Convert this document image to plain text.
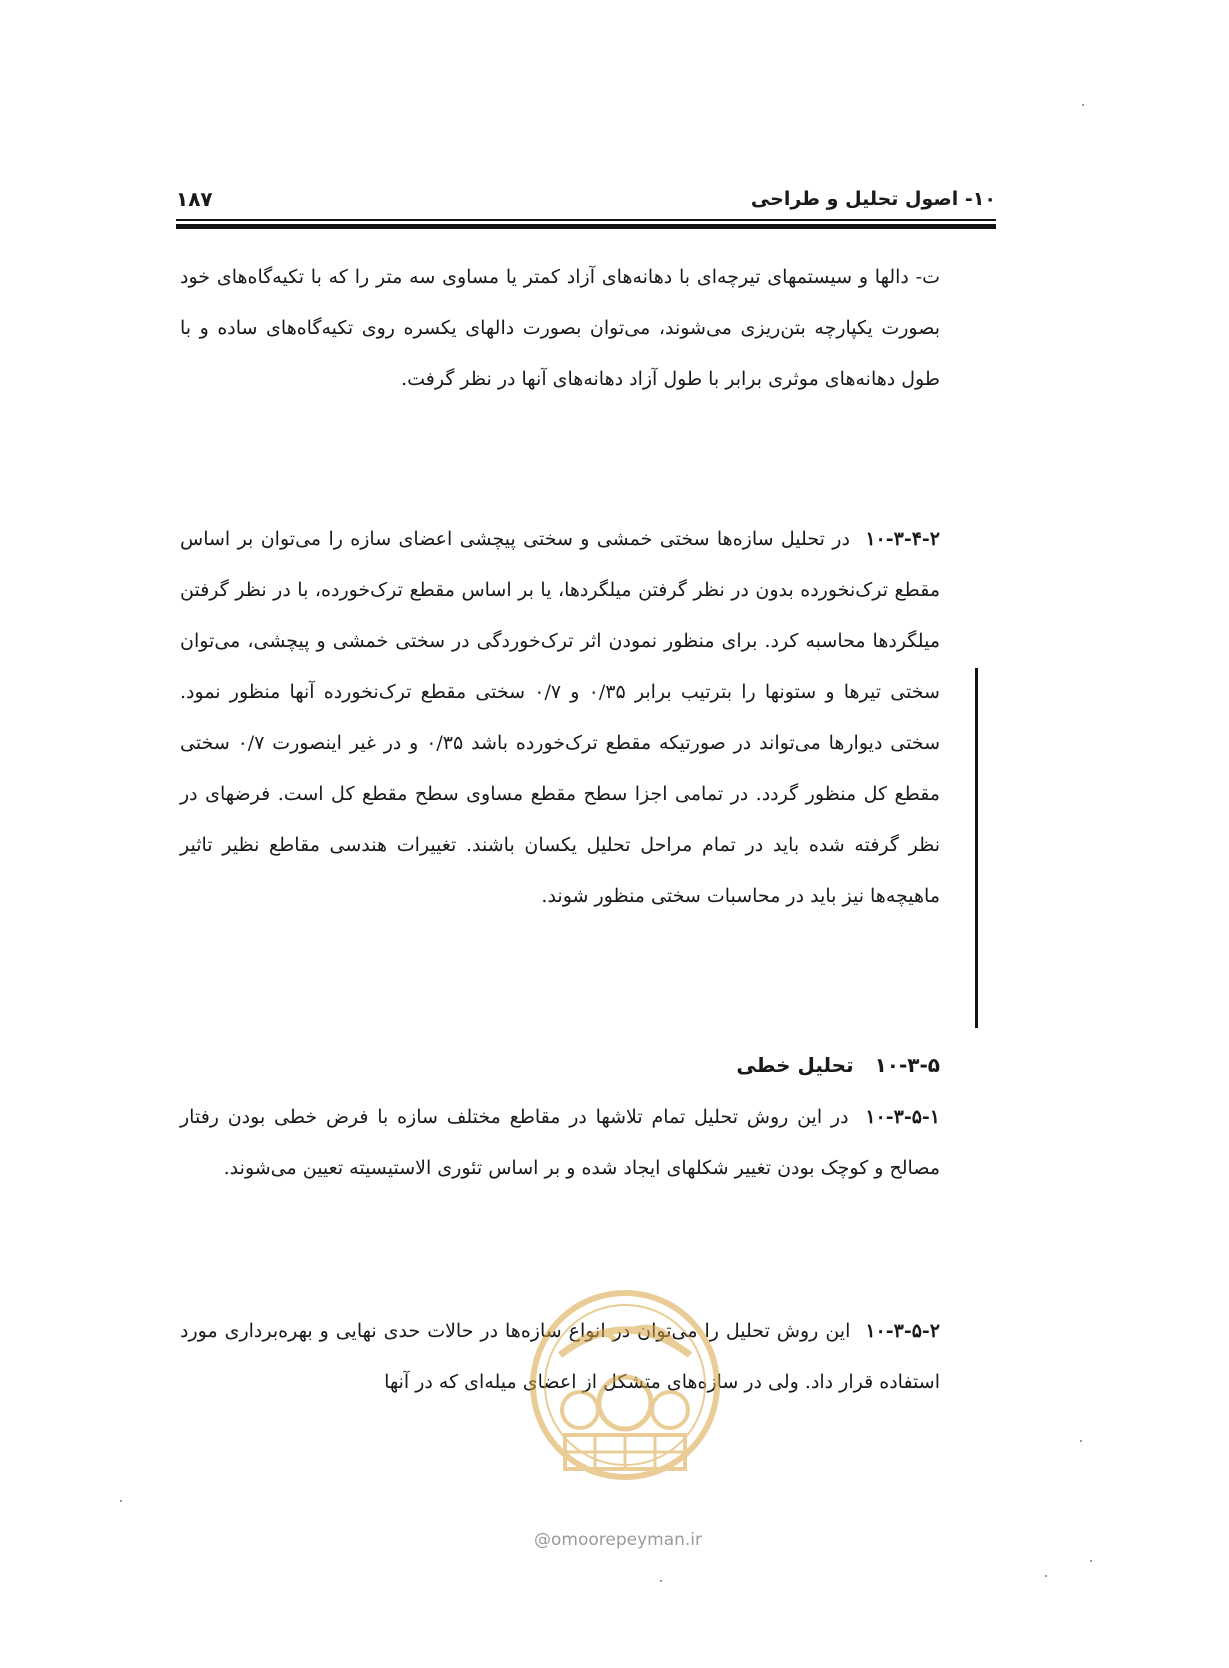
۱۰- اصول تحلیل و طراحی
۱۸۷
ت- دالها و سیستمهای تیرچه‌ای با دهانه‌های آزاد کمتر یا مساوی سه متر را که با تکیه‌گاه‌های خود بصورت یکپارچه بتن‌ریزی می‌شوند، می‌توان بصورت دالهای یکسره روی تکیه‌گاه‌های ساده و با طول دهانه‌های موثری برابر با طول آزاد دهانه‌های آنها در نظر گرفت.
۱۰-۳-۴-۲ در تحلیل سازه‌ها سختی خمشی و سختی پیچشی اعضای سازه را می‌توان بر اساس مقطع ترک‌نخورده بدون در نظر گرفتن میلگردها، یا بر اساس مقطع ترک‌خورده، با در نظر گرفتن میلگردها محاسبه کرد. برای منظور نمودن اثر ترک‌خوردگی در سختی خمشی و پیچشی، می‌توان سختی تیرها و ستونها را بترتیب برابر ۰/۳۵ و ۰/۷ سختی مقطع ترک‌نخورده آنها منظور نمود. سختی دیوارها می‌تواند در صورتیکه مقطع ترک‌خورده باشد ۰/۳۵ و در غیر اینصورت ۰/۷ سختی مقطع کل منظور گردد. در تمامی اجزا سطح مقطع مساوی سطح مقطع کل است. فرضهای در نظر گرفته شده باید در تمام مراحل تحلیل یکسان باشند. تغییرات هندسی مقاطع نظیر تاثیر ماهیچه‌ها نیز باید در محاسبات سختی منظور شوند.
۱۰-۳-۵ تحلیل خطی
۱۰-۳-۵-۱ در این روش تحلیل تمام تلاشها در مقاطع مختلف سازه با فرض خطی بودن رفتار مصالح و کوچک بودن تغییر شکلهای ایجاد شده و بر اساس تئوری الاستیسیته تعیین می‌شوند.
۱۰-۳-۵-۲ این روش تحلیل را می‌توان در انواع سازه‌ها در حالات حدی نهایی و بهره‌برداری مورد استفاده قرار داد. ولی در سازه‌های متشکل از اعضای میله‌ای که در آنها
@omoorepeyman.ir
